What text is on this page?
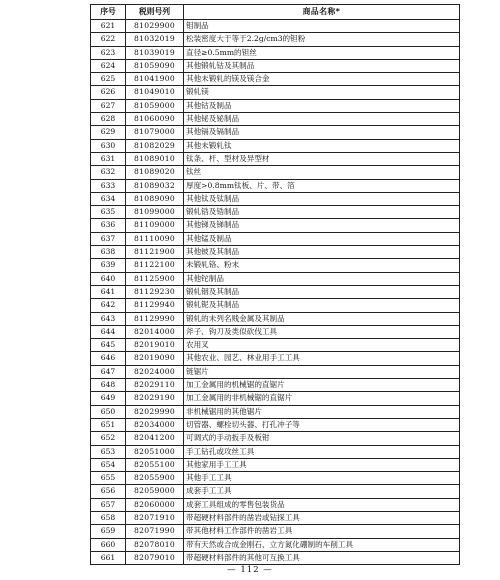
序号	税则号列	商品名称*
621	81029900	钼制品
622	81032019	松装密度大于等于2.2g/cm3的钽粉
623	81039019	直径≥0.5mm的钽丝
624	81059090	其他锻轧钴及其制品
625	81041900	其他未锻轧的镁及镁合金
626	81049010	锻轧镁
627	81059000	其他钴及制品
628	81060090	其他铋及铋制品
629	81079000	其他镉及镉制品
630	81082029	其他未锻轧钛
631	81089010	钛条、杆、型材及异型材
632	81089020	钛丝
633	81089032	厚度>0.8mm钛板、片、带、箔
634	81089090	其他钛及钛制品
635	81099000	锻轧锆及锆制品
636	81109000	其他锑及锑制品
637	81110090	其他锰及制品
638	81121900	其他铍及其制品
639	81122100	未锻轧铬、粉末
640	81125900	其他铊制品
641	81129230	锻轧铟及其制品
642	81129940	锻轧铌及其制品
643	81129990	锻轧的未列名贱金属及其制品
644	82014000	斧子、钩刀及类似砍伐工具
645	82019010	农用叉
646	82019090	其他农业、园艺、林业用手工工具
647	82024000	链锯片
648	82029110	加工金属用的机械锯的直锯片
649	82029190	加工金属用的非机械锯的直锯片
650	82029990	非机械锯用的其他锯片
651	82034000	切管器、螺栓切头器、打孔冲子等
652	82041200	可调式的手动扳手及板钳
653	82051000	手工钻孔或攻丝工具
654	82055100	其他家用手工工具
655	82055900	其他手工工具
656	82059000	成套手工工具
657	82060000	成套工具组成的零售包装货品
658	82071910	带超硬材料部件的凿岩或钻探工具
659	82071990	带其他材料工作部件的凿岩工具
660	82078010	带有天然或合成金刚石、立方氮化硼制的车削工具
661	82079010	带超硬材料部件的其他可互换工具
— 112 —
